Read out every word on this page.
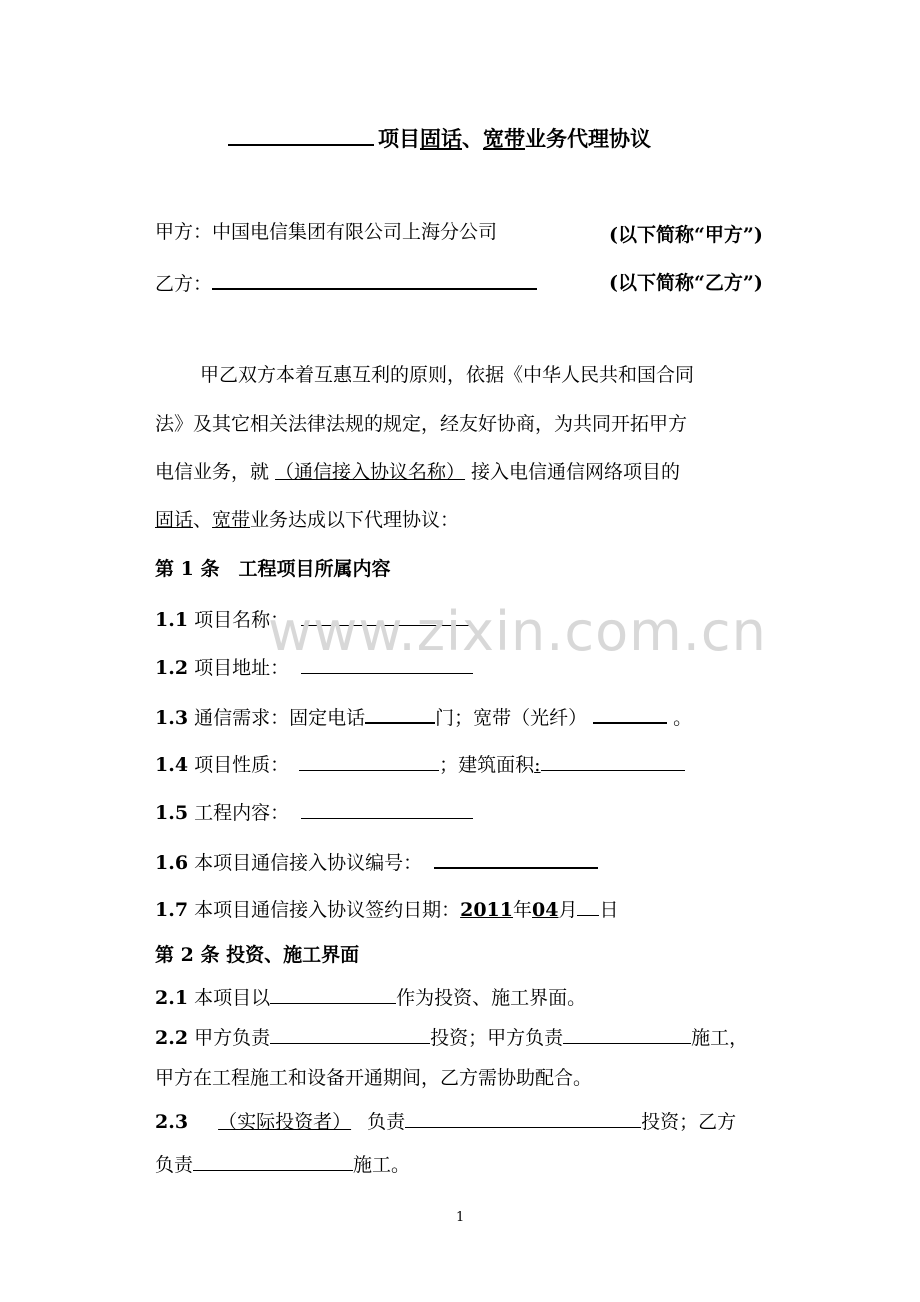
项目固话、宽带业务代理协议
甲方：中国电信集团有限公司上海分公司	(以下简称“甲方”)
乙方：	(以下简称“乙方”)
甲乙双方本着互惠互利的原则，依据《中华人民共和国合同
法》及其它相关法律法规的规定，经友好协商，为共同开拓甲方
电信业务，就 （通信接入协议名称） 接入电信通信网络项目的
固话、宽带业务达成以下代理协议：
第 1 条　工程项目所属内容
1.1 项目名称：
1.2 项目地址：
1.3 通信需求：固定电话	门；宽带（光纤）	。
1.4 项目性质：	；建筑面积:
1.5 工程内容：
1.6 本项目通信接入协议编号：
1.7 本项目通信接入协议签约日期：2011年04月 日
第 2 条 投资、施工界面
2.1 本项目以	作为投资、施工界面。
2.2 甲方负责	投资；甲方负责	施工，
甲方在工程施工和设备开通期间，乙方需协助配合。
2.3 （实际投资者） 负责	投资；乙方
负责	施工。
www.zixin.com.cn
1
